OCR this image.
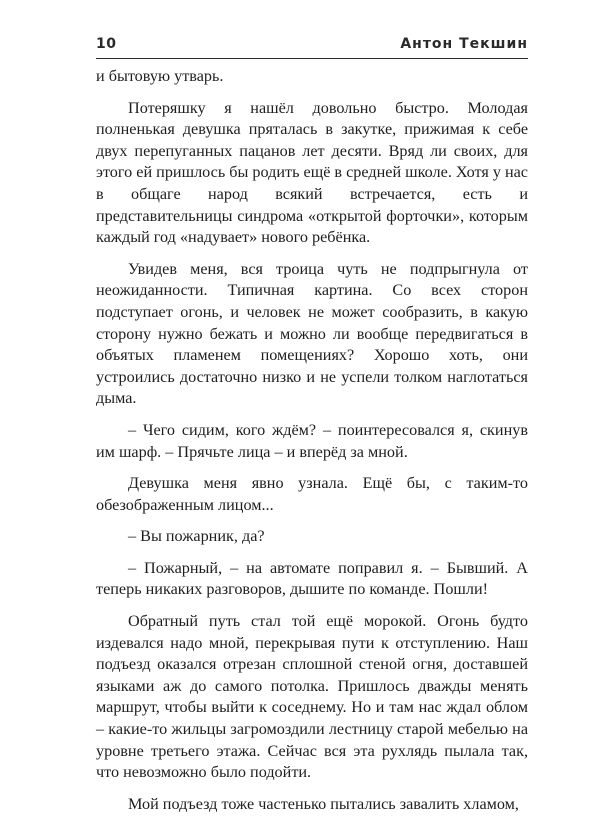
10	Антон Текшин

и бытовую утварь.

Потеряшку я нашёл довольно быстро. Молодая полненькая девушка пряталась в закутке, прижимая к себе двух перепуганных пацанов лет десяти. Вряд ли своих, для этого ей пришлось бы родить ещё в средней школе. Хотя у нас в общаге народ всякий встречается, есть и представительницы синдрома «открытой форточки», которым каждый год «надувает» нового ребёнка.

Увидев меня, вся троица чуть не подпрыгнула от неожиданности. Типичная картина. Со всех сторон подступает огонь, и человек не может сообразить, в какую сторону нужно бежать и можно ли вообще передвигаться в объятых пламенем помещениях? Хорошо хоть, они устроились достаточно низко и не успели толком наглотаться дыма.

– Чего сидим, кого ждём? – поинтересовался я, скинув им шарф. – Прячьте лица – и вперёд за мной.

Девушка меня явно узнала. Ещё бы, с таким-то обезображенным лицом...

– Вы пожарник, да?

– Пожарный, – на автомате поправил я. – Бывший. А теперь никаких разговоров, дышите по команде. Пошли!

Обратный путь стал той ещё морокой. Огонь будто издевался надо мной, перекрывая пути к отступлению. Наш подъезд оказался отрезан сплошной стеной огня, доставшей языками аж до самого потолка. Пришлось дважды менять маршрут, чтобы выйти к соседнему. Но и там нас ждал облом – какие-то жильцы загромоздили лестницу старой мебелью на уровне третьего этажа. Сейчас вся эта рухлядь пылала так, что невозможно было подойти.

Мой подъезд тоже частенько пытались завалить хламом,
